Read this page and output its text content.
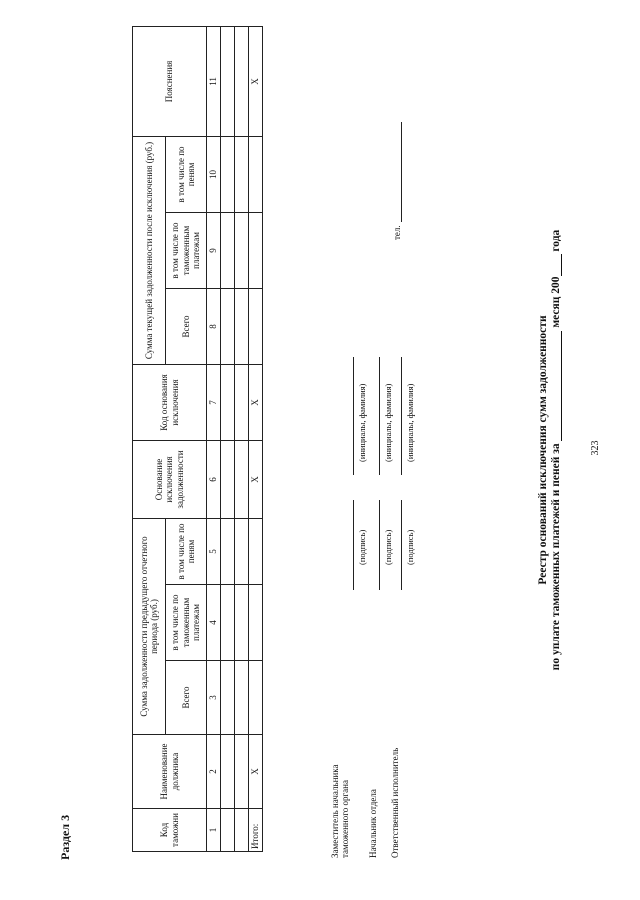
323
Раздел 3
Реестр оснований исключения сумм задолженности по уплате таможенных платежей и пеней за  месяц 200 года
Код таможни	Наименование должника	Сумма задолженности предыдущего отчетного периода (руб.)			Основание исключения задолженности	Код основания исключения	Сумма текущей задолженности после исключения (руб.)			Пояснения
		Всего	в том числе по таможенным платежам	в том числе по пеням			Всего	в том числе по таможенным платежам	в том числе по пеням	
1	2	3	4	5	6	7	8	9	10	11

Итого:	X				X	X				X
Заместитель начальника таможенного органа
(подпись)
(инициалы, фамилия)
Начальник отдела
(подпись)
(инициалы, фамилия)
Ответственный исполнитель
(подпись)
(инициалы, фамилия)
тел.
